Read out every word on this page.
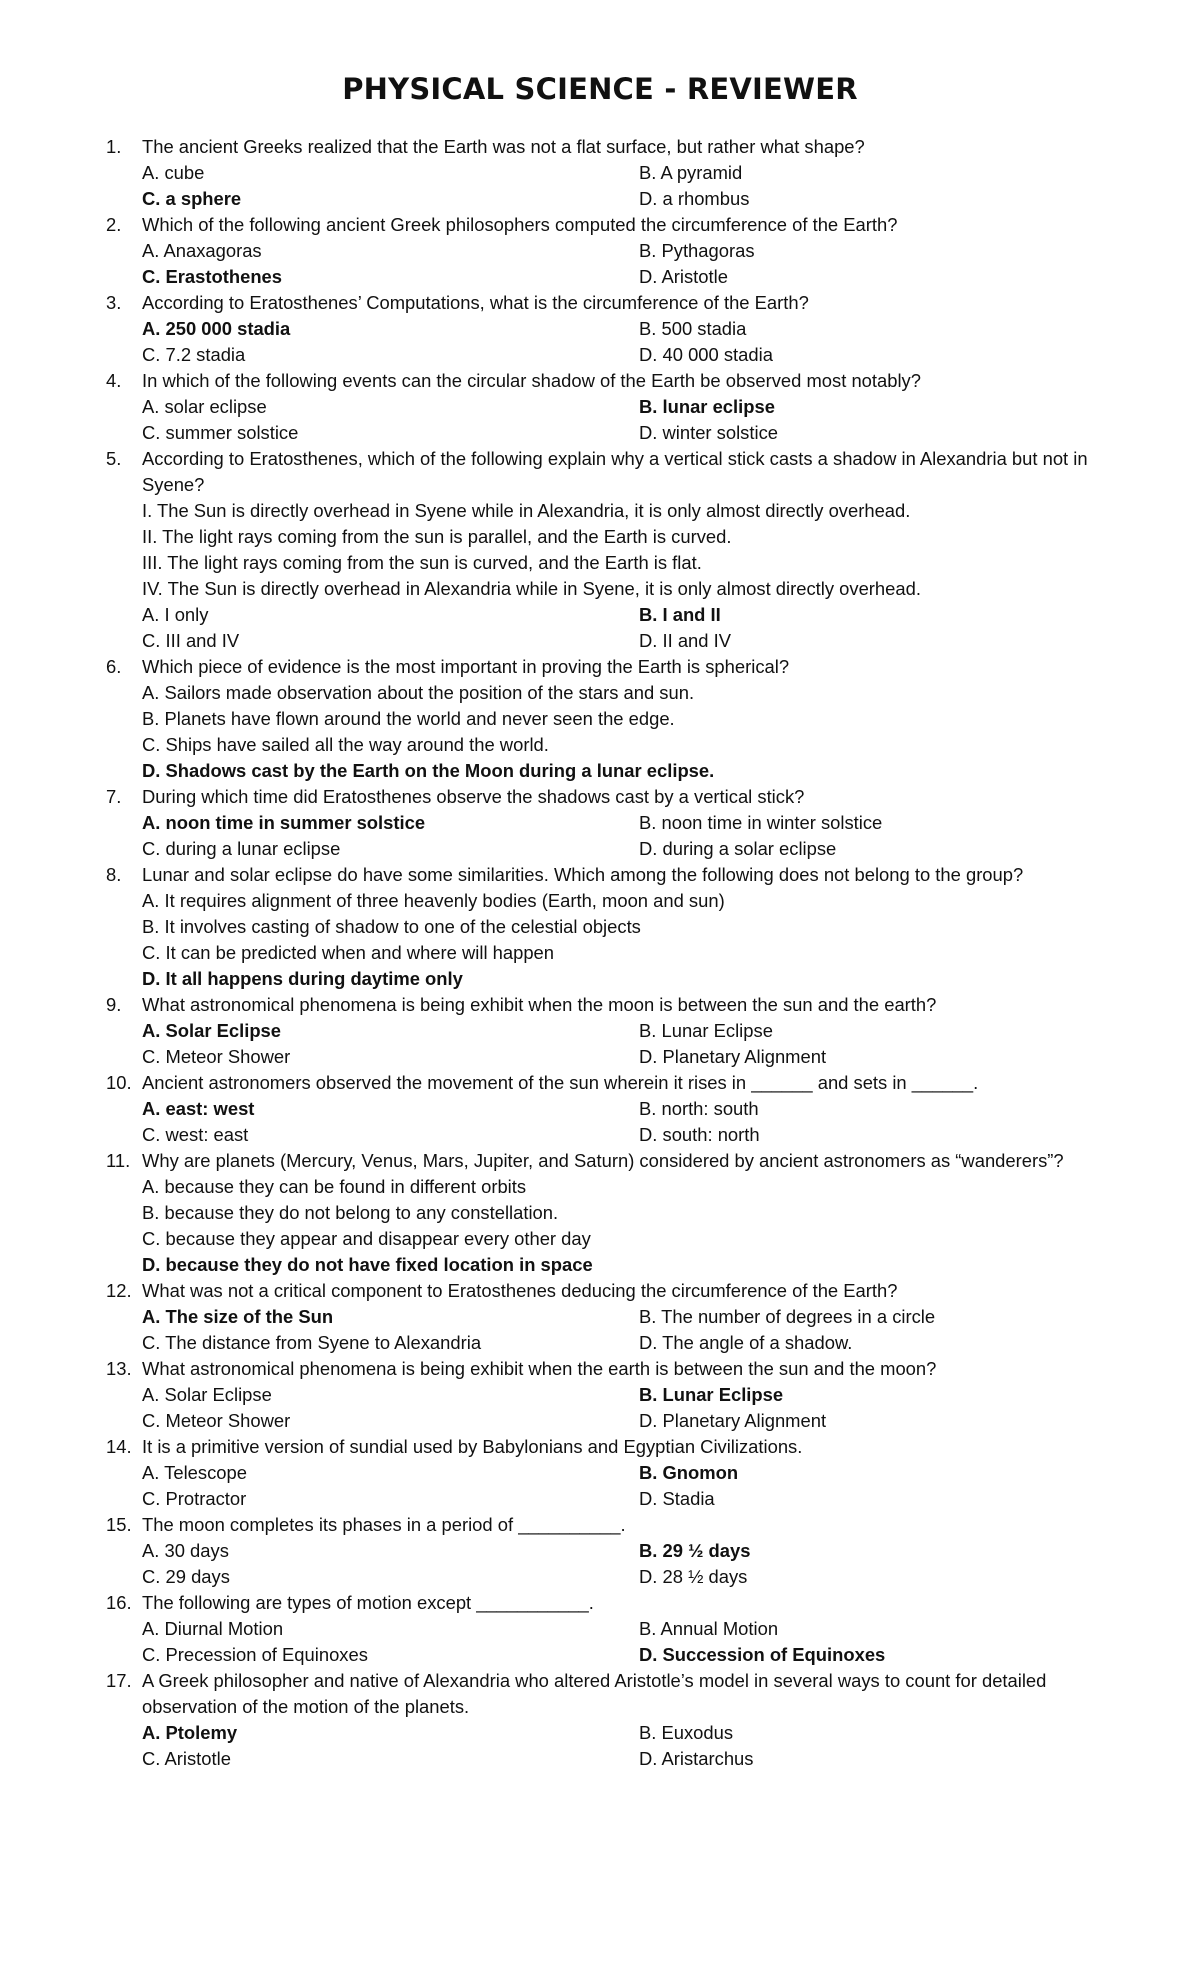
PHYSICAL SCIENCE - REVIEWER
1.	The ancient Greeks realized that the Earth was not a flat surface, but rather what shape?
A. cube	B. A pyramid
C. a sphere	D. a rhombus
2.	Which of the following ancient Greek philosophers computed the circumference of the Earth?
A. Anaxagoras	B. Pythagoras
C. Erastothenes	D. Aristotle
3.	According to Eratosthenes’ Computations, what is the circumference of the Earth?
A. 250 000 stadia	B. 500 stadia
C. 7.2 stadia	D. 40 000 stadia
4.	In which of the following events can the circular shadow of the Earth be observed most notably?
A. solar eclipse	B. lunar eclipse
C. summer solstice	D. winter solstice
5.	According to Eratosthenes, which of the following explain why a vertical stick casts a shadow in Alexandria but not in Syene?
I. The Sun is directly overhead in Syene while in Alexandria, it is only almost directly overhead.
II. The light rays coming from the sun is parallel, and the Earth is curved.
III. The light rays coming from the sun is curved, and the Earth is flat.
IV. The Sun is directly overhead in Alexandria while in Syene, it is only almost directly overhead.
A. I only	B. I and II
C. III and IV	D. II and IV
6.	Which piece of evidence is the most important in proving the Earth is spherical?
A. Sailors made observation about the position of the stars and sun.
B. Planets have flown around the world and never seen the edge.
C. Ships have sailed all the way around the world.
D. Shadows cast by the Earth on the Moon during a lunar eclipse.
7.	During which time did Eratosthenes observe the shadows cast by a vertical stick?
A. noon time in summer solstice	B. noon time in winter solstice
C. during a lunar eclipse	D. during a solar eclipse
8.	Lunar and solar eclipse do have some similarities. Which among the following does not belong to the group?
A. It requires alignment of three heavenly bodies (Earth, moon and sun)
B. It involves casting of shadow to one of the celestial objects
C. It can be predicted when and where will happen
D. It all happens during daytime only
9.	What astronomical phenomena is being exhibit when the moon is between the sun and the earth?
A. Solar Eclipse	B. Lunar Eclipse
C. Meteor Shower	D. Planetary Alignment
10. Ancient astronomers observed the movement of the sun wherein it rises in ______ and sets in ______.
A. east: west	B. north: south
C. west: east	D. south: north
11. Why are planets (Mercury, Venus, Mars, Jupiter, and Saturn) considered by ancient astronomers as “wanderers”?
A. because they can be found in different orbits
B. because they do not belong to any constellation.
C. because they appear and disappear every other day
D. because they do not have fixed location in space
12. What was not a critical component to Eratosthenes deducing the circumference of the Earth?
A. The size of the Sun	B. The number of degrees in a circle
C. The distance from Syene to Alexandria	D. The angle of a shadow.
13. What astronomical phenomena is being exhibit when the earth is between the sun and the moon?
A. Solar Eclipse	B. Lunar Eclipse
C. Meteor Shower	D. Planetary Alignment
14. It is a primitive version of sundial used by Babylonians and Egyptian Civilizations.
A. Telescope	B. Gnomon
C. Protractor	D. Stadia
15. The moon completes its phases in a period of __________.
A. 30 days	B. 29 ½ days
C. 29 days	D. 28 ½ days
16. The following are types of motion except ___________.
A. Diurnal Motion	B. Annual Motion
C. Precession of Equinoxes	D. Succession of Equinoxes
17. A Greek philosopher and native of Alexandria who altered Aristotle’s model in several ways to count for detailed observation of the motion of the planets.
A. Ptolemy	B. Euxodus
C. Aristotle	D. Aristarchus
